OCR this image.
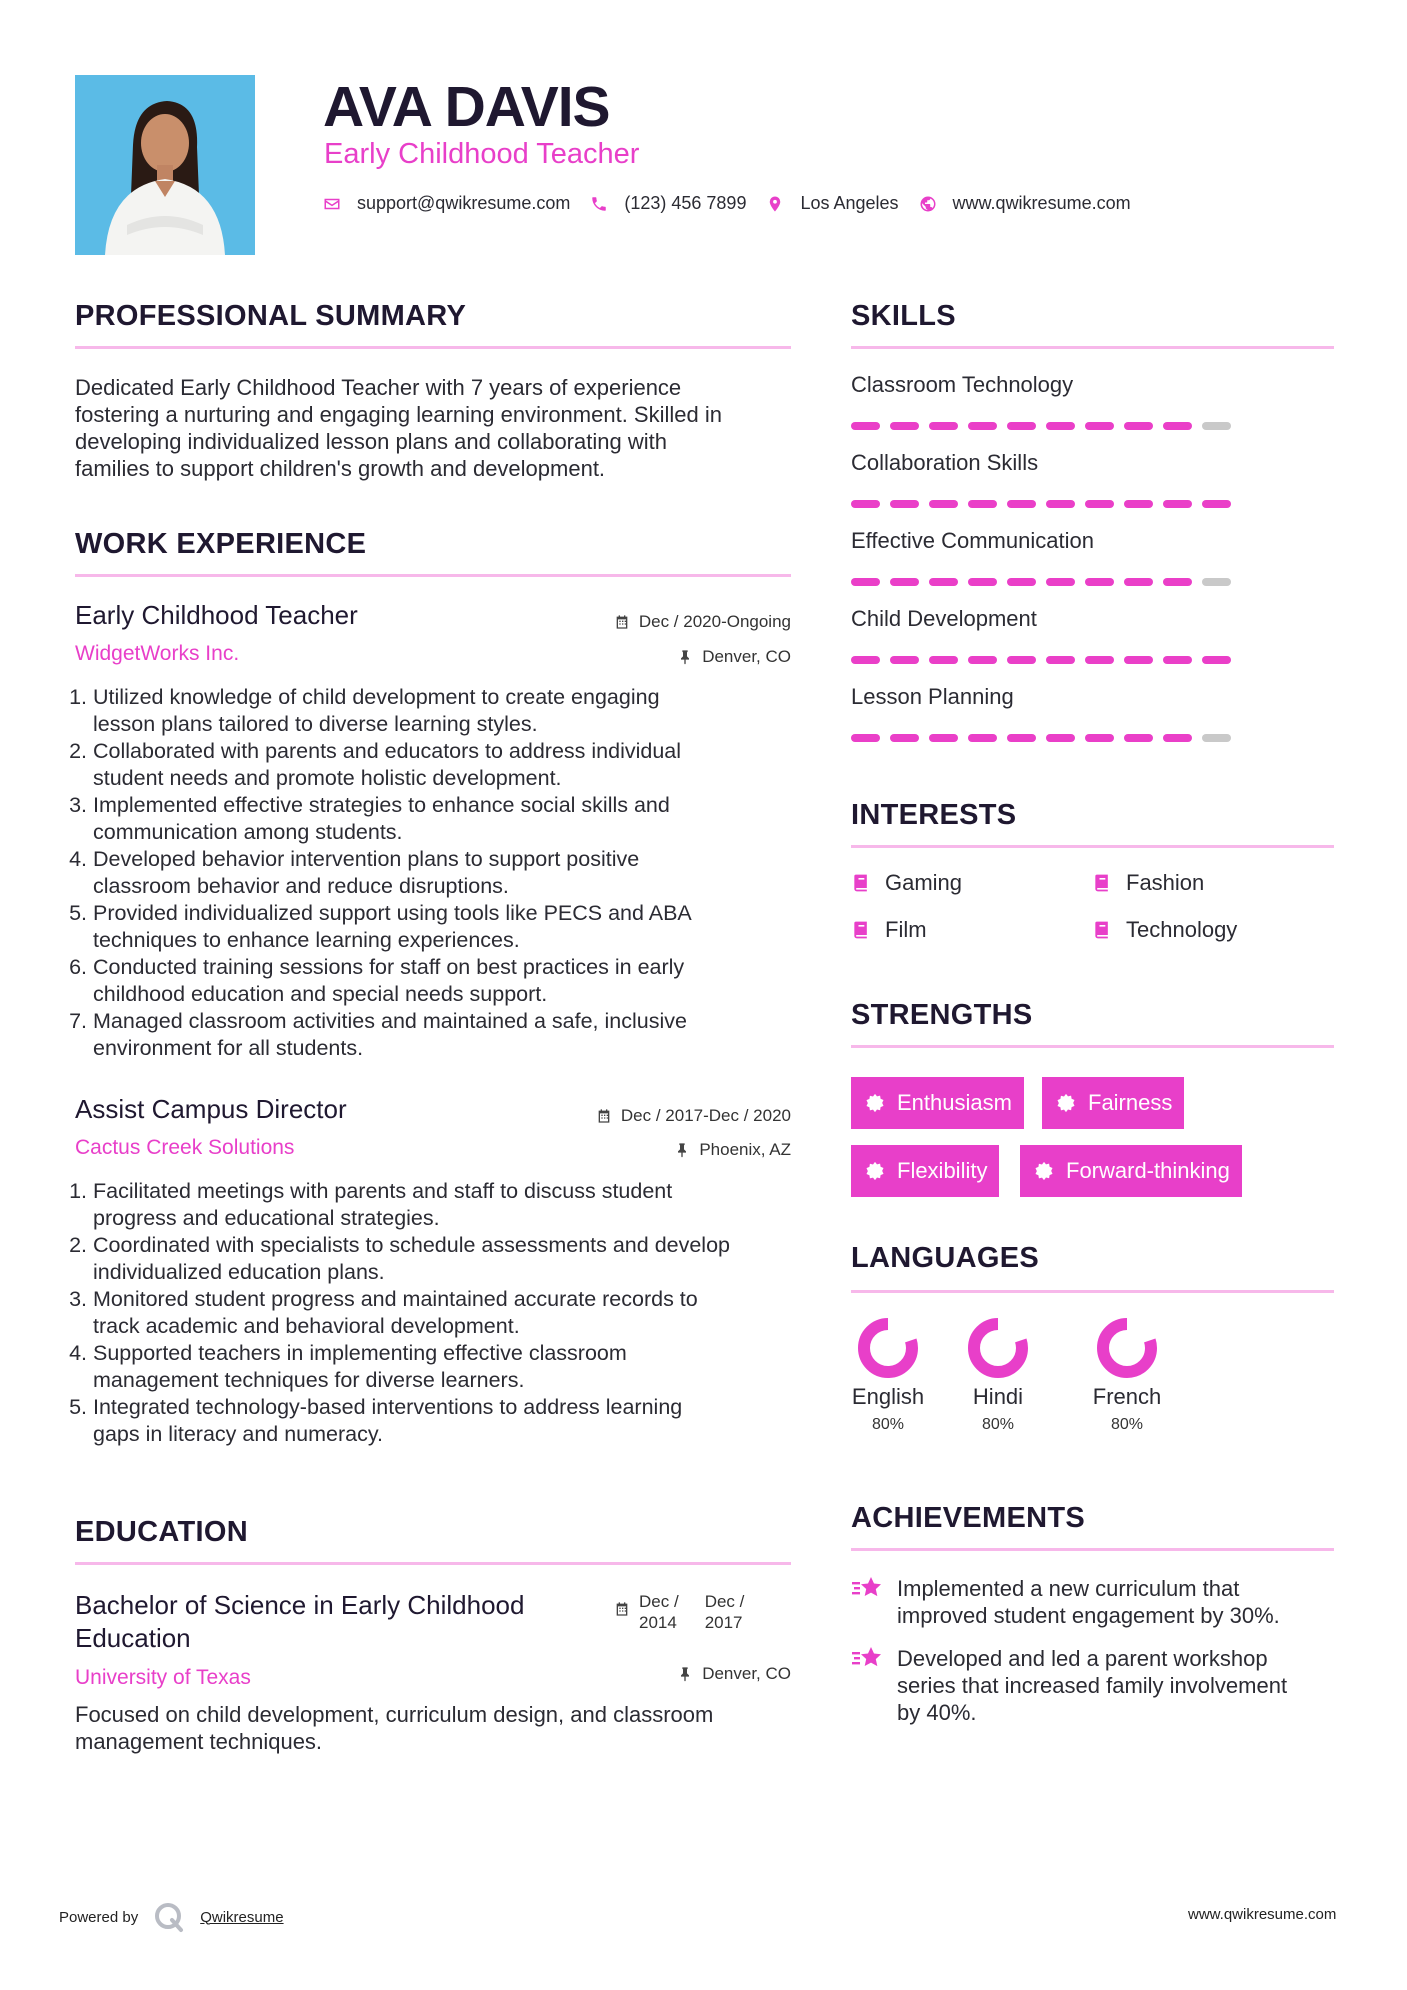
AVA DAVIS
Early Childhood Teacher
support@qwikresume.com	(123) 456 7899	Los Angeles	www.qwikresume.com
PROFESSIONAL SUMMARY
Dedicated Early Childhood Teacher with 7 years of experience
fostering a nurturing and engaging learning environment. Skilled in
developing individualized lesson plans and collaborating with
families to support children's growth and development.
WORK EXPERIENCE
Early Childhood Teacher
WidgetWorks Inc.
Dec / 2020-Ongoing
Denver, CO
1. Utilized knowledge of child development to create engaging
lesson plans tailored to diverse learning styles.
2. Collaborated with parents and educators to address individual
student needs and promote holistic development.
3. Implemented effective strategies to enhance social skills and
communication among students.
4. Developed behavior intervention plans to support positive
classroom behavior and reduce disruptions.
5. Provided individualized support using tools like PECS and ABA
techniques to enhance learning experiences.
6. Conducted training sessions for staff on best practices in early
childhood education and special needs support.
7. Managed classroom activities and maintained a safe, inclusive
environment for all students.
Assist Campus Director
Cactus Creek Solutions
Dec / 2017-Dec / 2020
Phoenix, AZ
1. Facilitated meetings with parents and staff to discuss student
progress and educational strategies.
2. Coordinated with specialists to schedule assessments and develop
individualized education plans.
3. Monitored student progress and maintained accurate records to
track academic and behavioral development.
4. Supported teachers in implementing effective classroom
management techniques for diverse learners.
5. Integrated technology-based interventions to address learning
gaps in literacy and numeracy.
EDUCATION
Bachelor of Science in Early Childhood
Education
University of Texas
Dec /
2014
Dec /
2017
Denver, CO
Focused on child development, curriculum design, and classroom
management techniques.
SKILLS
Classroom Technology
Collaboration Skills
Effective Communication
Child Development
Lesson Planning
INTERESTS
Gaming	Fashion
Film	Technology
STRENGTHS
Enthusiasm	Fairness
Flexibility	Forward-thinking
LANGUAGES
English
80%
Hindi
80%
French
80%
ACHIEVEMENTS
Implemented a new curriculum that
improved student engagement by 30%.
Developed and led a parent workshop
series that increased family involvement
by 40%.
Powered by	Qwikresume	www.qwikresume.com
